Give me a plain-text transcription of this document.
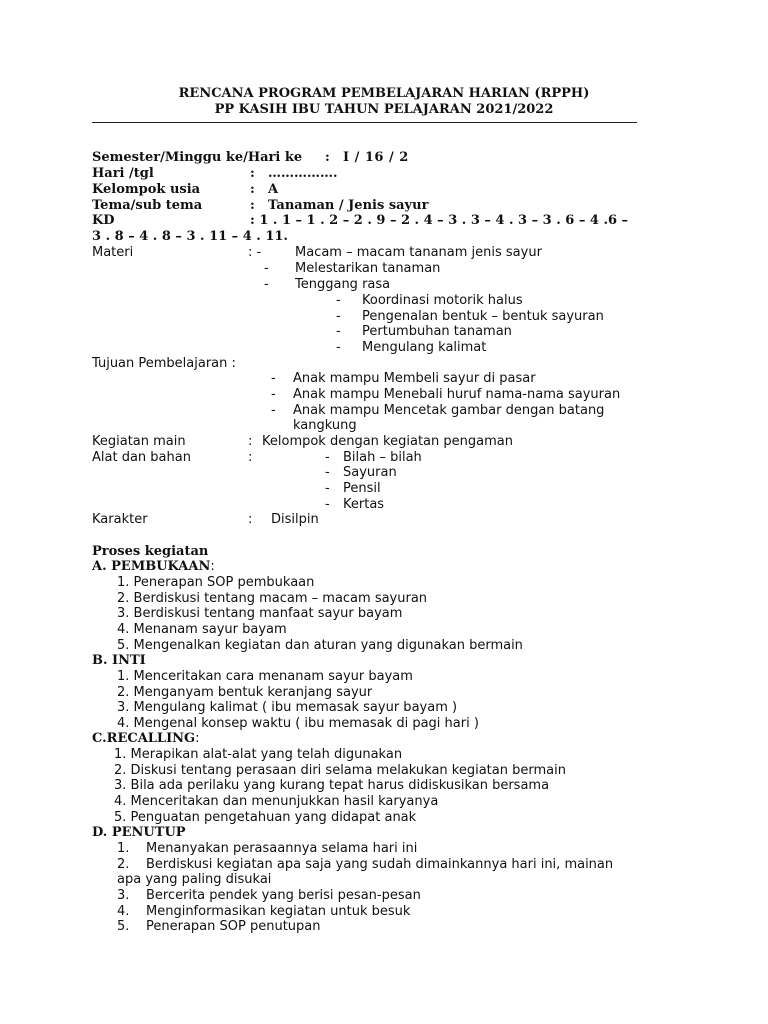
RENCANA PROGRAM PEMBELAJARAN HARIAN (RPPH)
PP KASIH IBU TAHUN PELAJARAN 2021/2022
Semester/Minggu ke/Hari ke : I / 16 / 2
Hari /tgl	: …………….
Kelompok usia	: A
Tema/sub tema	: Tanaman / Jenis sayur
KD	: 1 . 1 – 1 . 2 – 2 . 9 – 2 . 4 – 3 . 3 – 4 . 3 – 3 . 6 – 4 .6 –
3 . 8 – 4 . 8 – 3 . 11 – 4 . 11.
Materi	: -	Macam – macam tananam jenis sayur
- Melestarikan tanaman
- Tenggang rasa
- Koordinasi motorik halus
- Pengenalan bentuk – bentuk sayuran
- Pertumbuhan tanaman
- Mengulang kalimat
Tujuan Pembelajaran :
- Anak mampu Membeli sayur di pasar
- Anak mampu Menebali huruf nama-nama sayuran
- Anak mampu Mencetak gambar dengan batang
kangkung
Kegiatan main	: Kelompok dengan kegiatan pengaman
Alat dan bahan	:	- Bilah – bilah
- Sayuran
- Pensil
- Kertas
Karakter	: Disilpin
Proses kegiatan
A. PEMBUKAAN:
1. Penerapan SOP pembukaan
2. Berdiskusi tentang macam – macam sayuran
3. Berdiskusi tentang manfaat sayur bayam
4. Menanam sayur bayam
5. Mengenalkan kegiatan dan aturan yang digunakan bermain
B. INTI
1. Menceritakan cara menanam sayur bayam
2. Menganyam bentuk keranjang sayur
3. Mengulang kalimat ( ibu memasak sayur bayam )
4. Mengenal konsep waktu ( ibu memasak di pagi hari )
C.RECALLING:
1. Merapikan alat-alat yang telah digunakan
2. Diskusi tentang perasaan diri selama melakukan kegiatan bermain
3. Bila ada perilaku yang kurang tepat harus didiskusikan bersama
4. Menceritakan dan menunjukkan hasil karyanya
5. Penguatan pengetahuan yang didapat anak
D. PENUTUP
1. Menanyakan perasaannya selama hari ini
2. Berdiskusi kegiatan apa saja yang sudah dimainkannya hari ini, mainan
apa yang paling disukai
3. Bercerita pendek yang berisi pesan-pesan
4. Menginformasikan kegiatan untuk besuk
5. Penerapan SOP penutupan
